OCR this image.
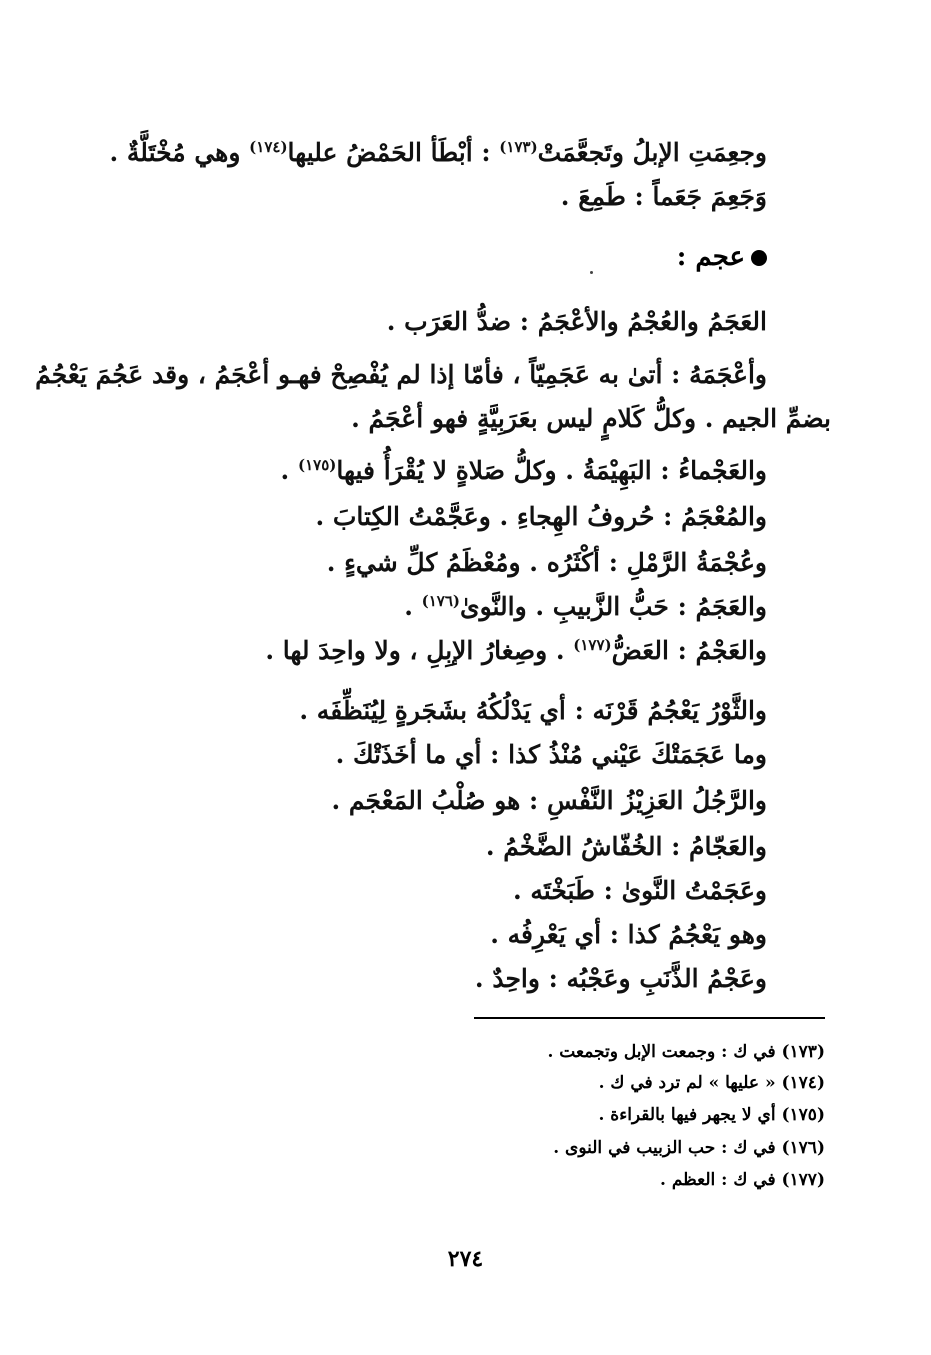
وجعِمَتِ الإبلُ وتَجعَّمَتْ$^{(١٧٣)}$ : أبْطَأ الحَمْضُ عليها$^{(١٧٤)}$ وهي مُخْتَلَّةٌ .
وَجَعِمَ جَعَماً : طَمِعَ .
عجم :
العَجَمُ والعُجْمُ والأعْجَمُ : ضدُّ العَرَب .
وأعْجَمَهُ : أتىٰ به عَجَمِيّاً ، فأمّا إذا لم يُفْصِحْ فهـو أعْجَمُ ، وقد عَجُمَ يَعْجُمُ
بضمِّ الجيم . وكلُّ كَلامٍ ليس بعَرَبِيَّةٍ فهو أعْجَمُ .
والعَجْماءُ : البَهِيْمَةُ . وكلُّ صَلاةٍ لا يُقْرَأُ فيها$^{(١٧٥)}$ .
والمُعْجَمُ : حُروفُ الهِجاءِ . وعَجَّمْتُ الكِتابَ .
وعُجْمَةُ الرَّمْلِ : أكْثَرُه . ومُعْظَمُ كلِّ شيءٍ .
والعَجَمُ : حَبُّ الزَّبيبِ . والنَّوىٰ$^{(١٧٦)}$ .
والعَجْمُ : العَضُّ$^{(١٧٧)}$ . وصِغارُ الإبِلِ ، ولا واحِدَ لها .
والثَّوْرُ يَعْجُمُ قَرْنَه : أي يَدْلُكُهُ بشَجَرةٍ لِيُنَظِّفَه .
وما عَجَمَتْكَ عَيْني مُنْذُ كذا : أي ما أخَذَتْكَ .
والرَّجُلُ العَزِيْزُ النَّفْسِ : هو صُلْبُ المَعْجَم .
والعَجّامُ : الخُفّاشُ الضَّخْمُ .
وعَجَمْتُ النَّوىٰ : طَبَخْتَه .
وهو يَعْجُمُ كذا : أي يَعْرِفُه .
وعَجْمُ الذَّنَبِ وعَجْبُه : واحِدٌ .
(١٧٣) في ك : وجمعت الإبل وتجمعت .
(١٧٤) « عليها » لم ترد في ك .
(١٧٥) أي لا يجهر فيها بالقراءة .
(١٧٦) في ك : حب الزبيب في النوى .
(١٧٧) في ك : العظم .
٢٧٤
